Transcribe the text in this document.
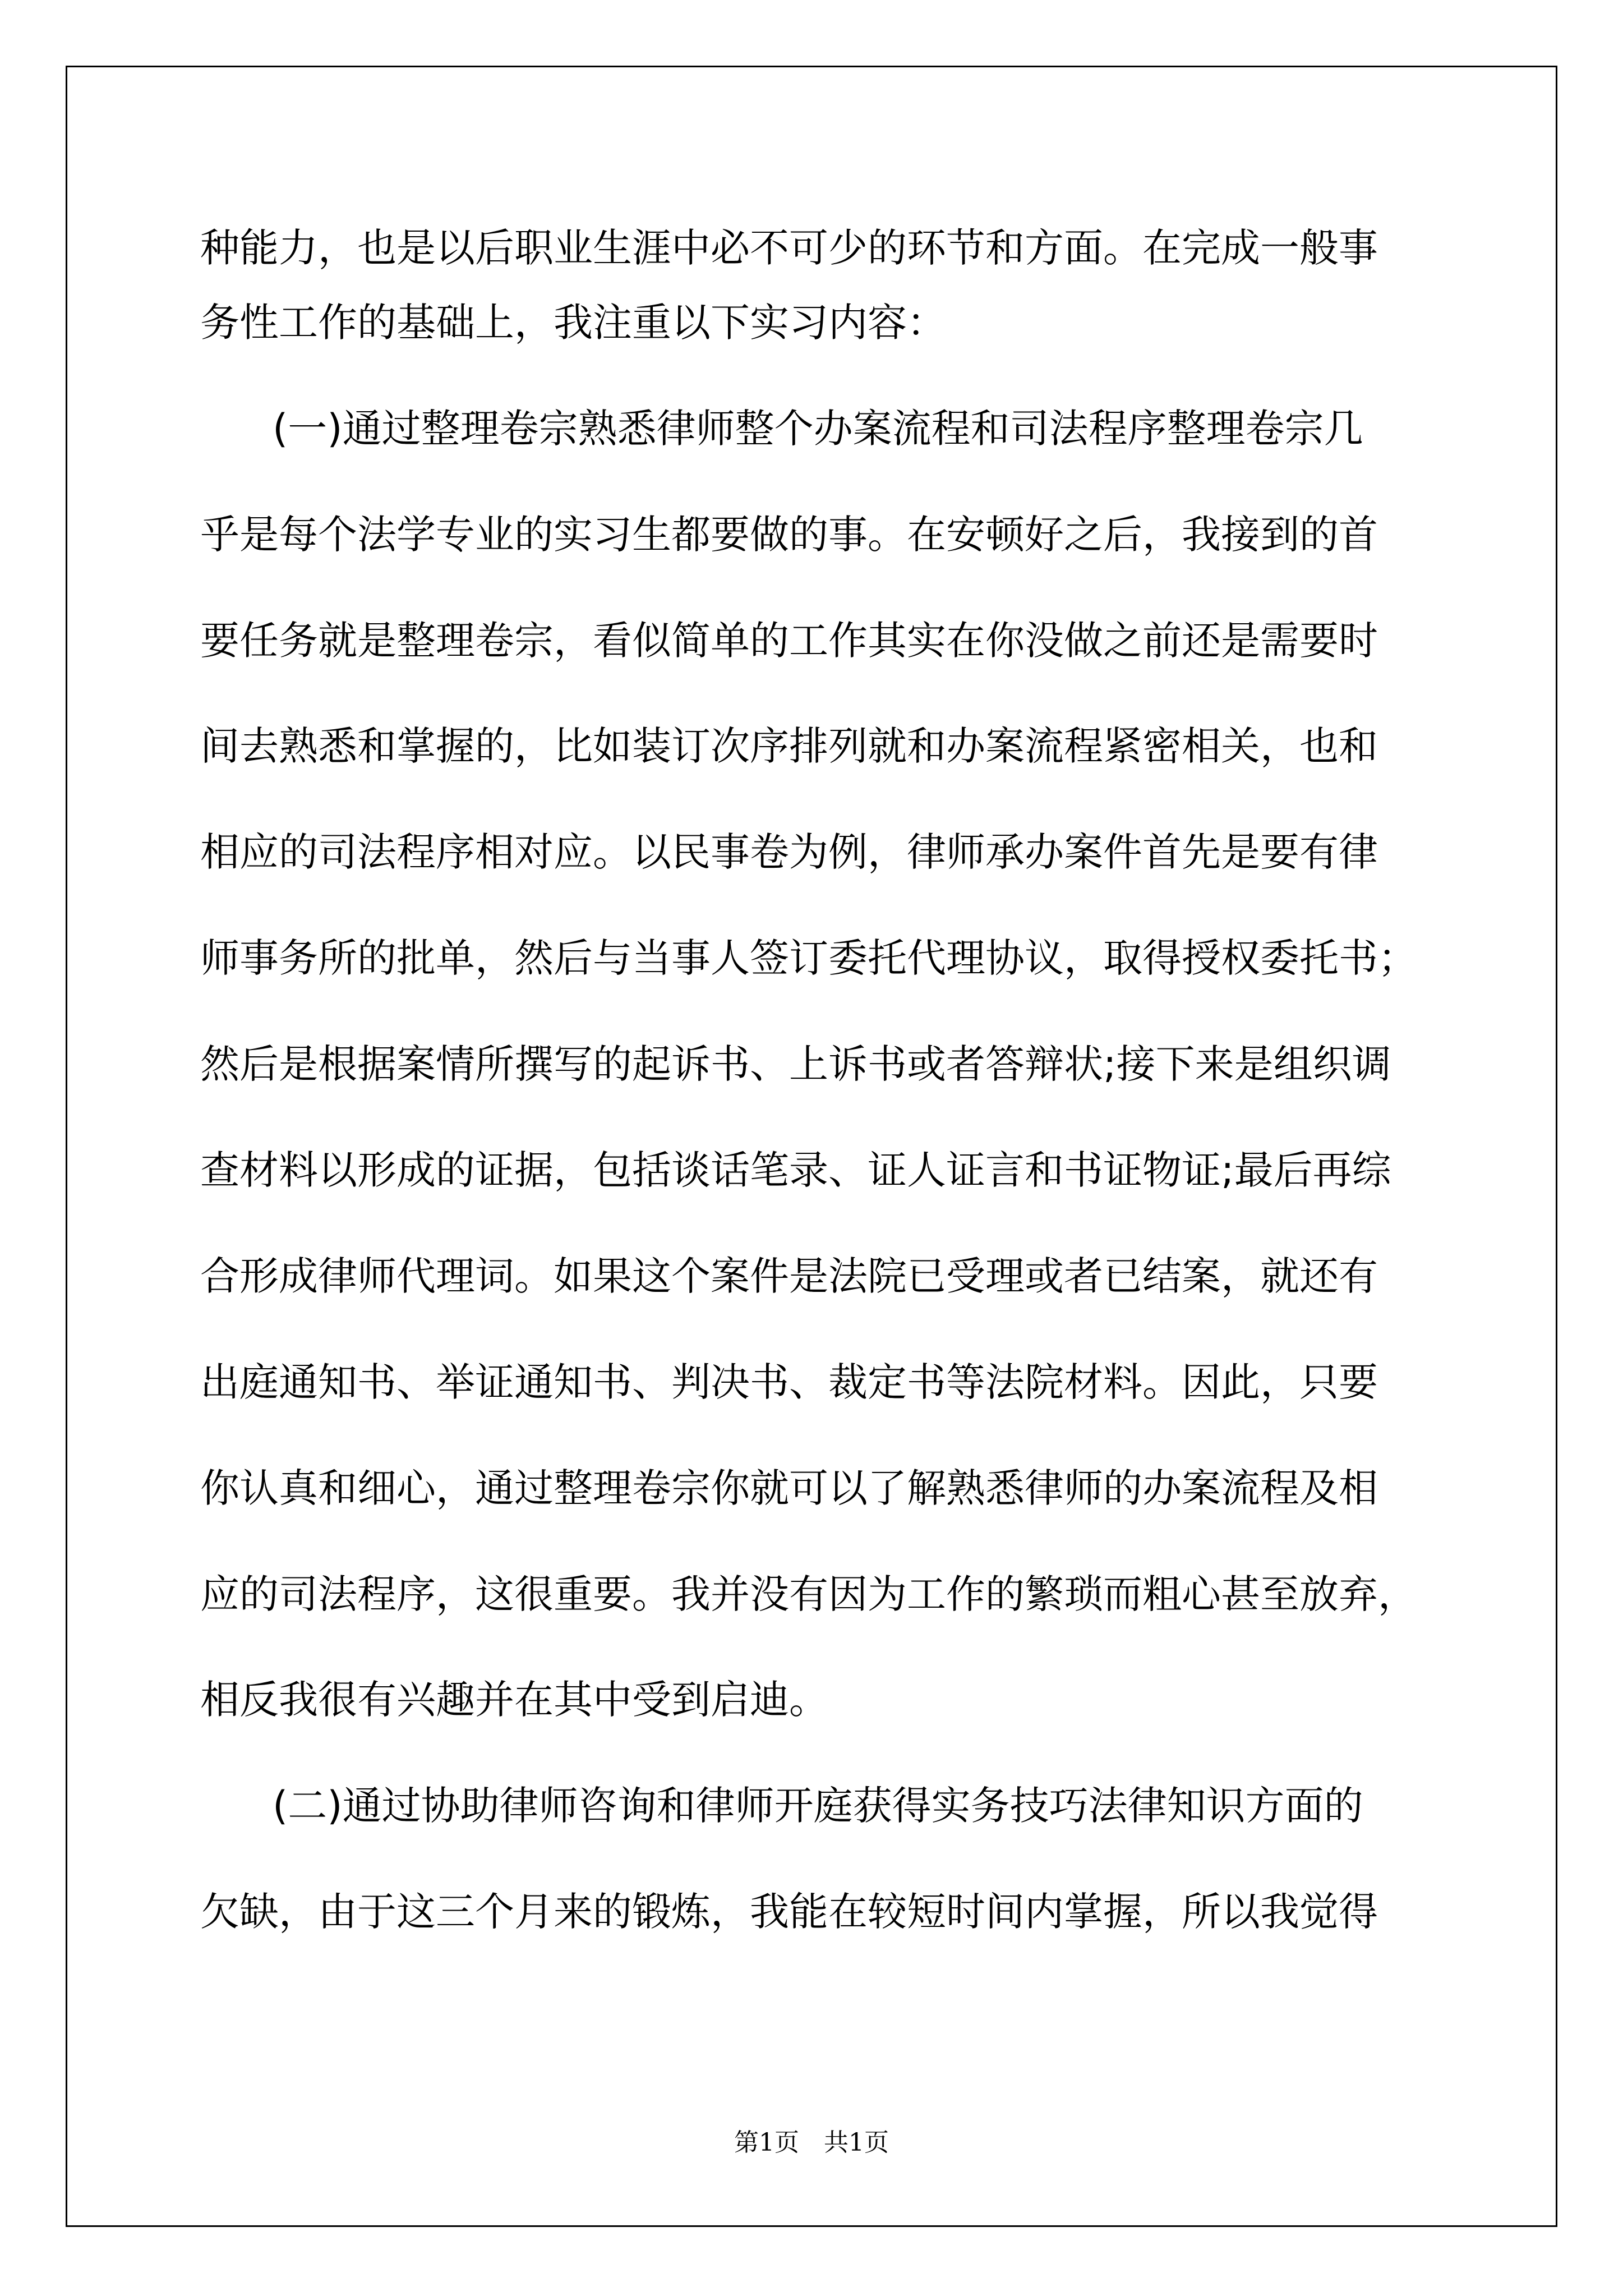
种能力，也是以后职业生涯中必不可少的环节和方面。在完成一般事
务性工作的基础上，我注重以下实习内容：
(一)通过整理卷宗熟悉律师整个办案流程和司法程序整理卷宗几
乎是每个法学专业的实习生都要做的事。在安顿好之后，我接到的首
要任务就是整理卷宗，看似简单的工作其实在你没做之前还是需要时
间去熟悉和掌握的，比如装订次序排列就和办案流程紧密相关，也和
相应的司法程序相对应。以民事卷为例，律师承办案件首先是要有律
师事务所的批单，然后与当事人签订委托代理协议，取得授权委托书；
然后是根据案情所撰写的起诉书、上诉书或者答辩状;接下来是组织调
查材料以形成的证据，包括谈话笔录、证人证言和书证物证;最后再综
合形成律师代理词。如果这个案件是法院已受理或者已结案，就还有
出庭通知书、举证通知书、判决书、裁定书等法院材料。因此，只要
你认真和细心，通过整理卷宗你就可以了解熟悉律师的办案流程及相
应的司法程序，这很重要。我并没有因为工作的繁琐而粗心甚至放弃，
相反我很有兴趣并在其中受到启迪。
(二)通过协助律师咨询和律师开庭获得实务技巧法律知识方面的
欠缺，由于这三个月来的锻炼，我能在较短时间内掌握，所以我觉得
第1页　共1页
